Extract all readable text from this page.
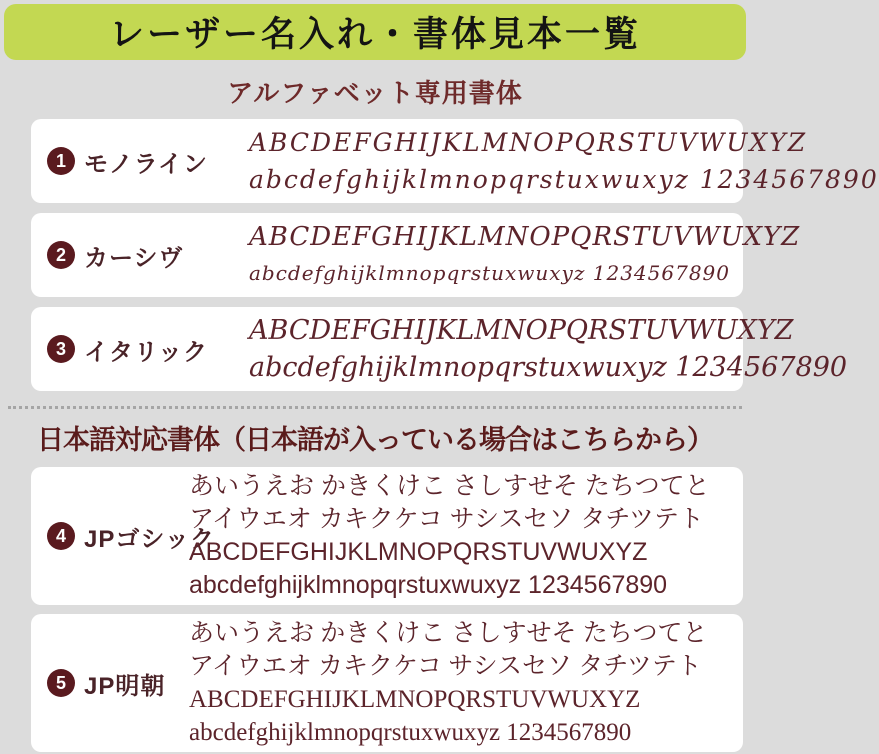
レーザー名入れ・書体見本一覧
アルファベット専用書体
1 モノライン
ABCDEFGHIJKLMNOPQRSTUVWUXYZ
abcdefghijklmnopqrstuxwuxyz 1234567890
2 カーシヴ
ABCDEFGHIJKLMNOPQRSTUVWUXYZ
abcdefghijklmnopqrstuxwuxyz 1234567890
3 イタリック
ABCDEFGHIJKLMNOPQRSTUVWUXYZ
abcdefghijklmnopqrstuxwuxyz 1234567890
日本語対応書体（日本語が入っている場合はこちらから）
4 JPゴシック
あいうえお かきくけこ さしすせそ たちつてと
アイウエオ カキクケコ サシスセソ タチツテト
ABCDEFGHIJKLMNOPQRSTUVWUXYZ
abcdefghijklmnopqrstuxwuxyz 1234567890
5 JP明朝
あいうえお かきくけこ さしすせそ たちつてと
アイウエオ カキクケコ サシスセソ タチツテト
ABCDEFGHIJKLMNOPQRSTUVWUXYZ
abcdefghijklmnopqrstuxwuxyz 1234567890
